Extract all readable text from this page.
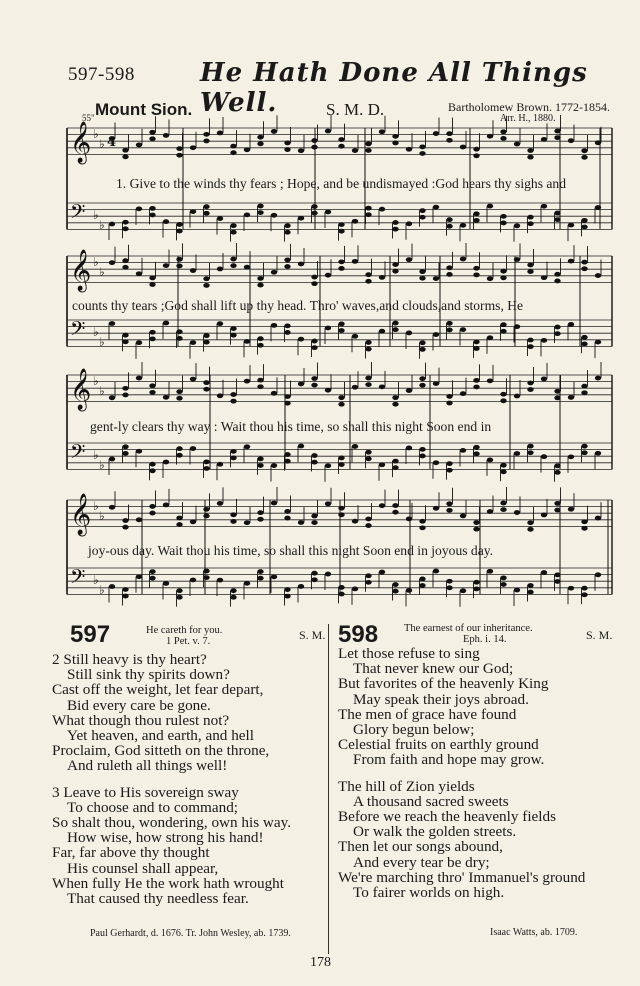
597-598	He Hath Done All Things Well.
Mount Sion.	S. M. D.	Bartholomew Brown. 1772-1854.
Arr. H., 1880.
55"
𝄞 ♭
♭
𝄢 ♭
♭
𝄞 ♭
♭
𝄢 ♭
♭
𝄞 ♭
♭
𝄢 ♭
♭
𝄞 ♭
♭
𝄢 ♭
♭
4
1. Give to the winds thy fears ; Hope, and be undismayed :God hears thy sighs and
counts thy tears ;God shall lift up thy head. Thro' waves,and clouds,and storms, He
gent-ly clears thy way : Wait thou his time, so shall this night Soon end in
joy-ous day. Wait thou his time, so shall this night Soon end in joyous day.
597	He careth for you.
1 Pet. v. 7.	S. M.
2 Still heavy is thy heart?
Still sink thy spirits down?
Cast off the weight, let fear depart,
Bid every care be gone.
What though thou rulest not?
Yet heaven, and earth, and hell
Proclaim, God sitteth on the throne,
And ruleth all things well!
3 Leave to His sovereign sway
To choose and to command;
So shalt thou, wondering, own his way.
How wise, how strong his hand!
Far, far above thy thought
His counsel shall appear,
When fully He the work hath wrought
That caused thy needless fear.
Paul Gerhardt, d. 1676. Tr. John Wesley, ab. 1739.
598 The earnest of our inheritance.
Eph. i. 14.	S. M.
Let those refuse to sing
That never knew our God;
But favorites of the heavenly King
May speak their joys abroad.
The men of grace have found
Glory begun below;
Celestial fruits on earthly ground
From faith and hope may grow.
The hill of Zion yields
A thousand sacred sweets
Before we reach the heavenly fields
Or walk the golden streets.
Then let our songs abound,
And every tear be dry;
We're marching thro' Immanuel's ground
To fairer worlds on high.
Isaac Watts, ab. 1709.
178
